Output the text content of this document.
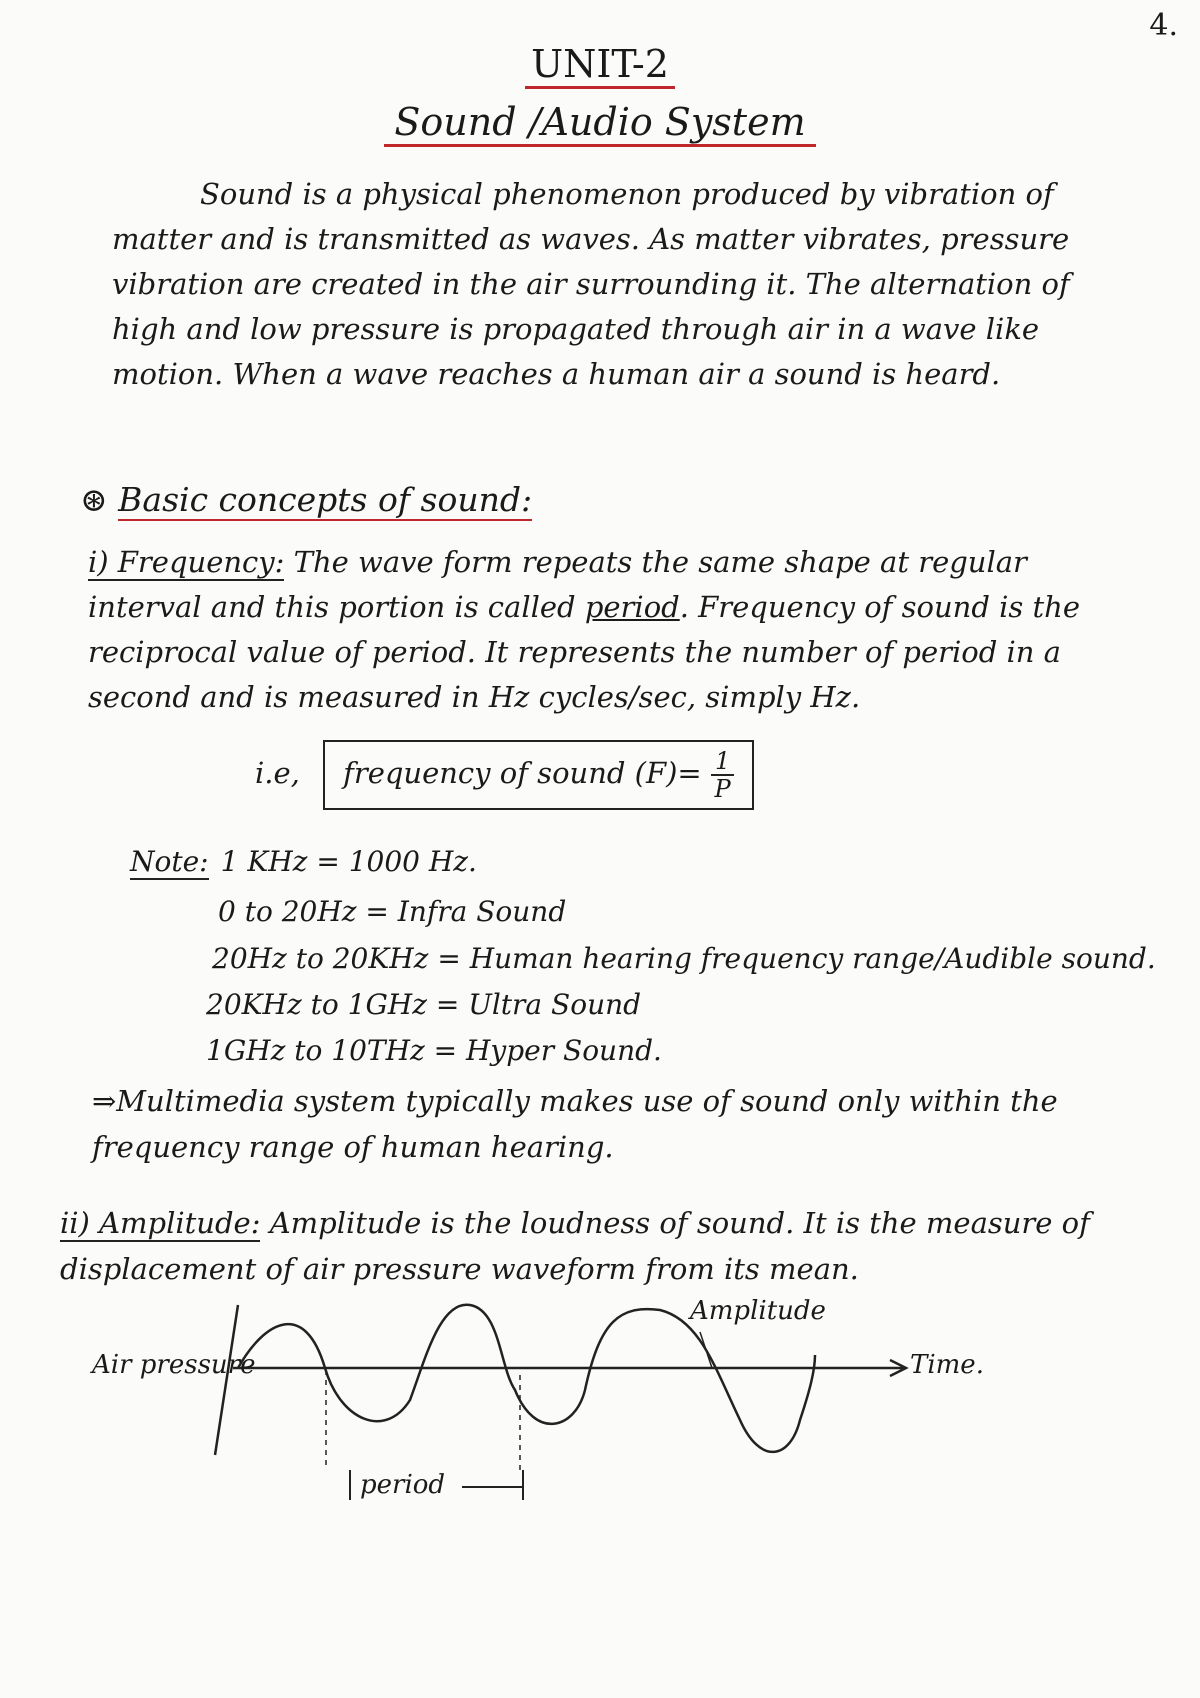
4.
UNIT-2
Sound /Audio System

Sound is a physical phenomenon produced by vibration of matter and is transmitted as waves. As matter vibrates, pressure vibration are created in the air surrounding it. The alternation of high and low pressure is propagated through air in a wave like motion. When a wave reaches a human air a sound is heard.

⊛ Basic concepts of sound:

i) Frequency: The wave form repeats the same shape at regular interval and this portion is called period. Frequency of sound is the reciprocal value of period. It represents the number of period in a second and is measured in Hz cycles/sec, simply Hz.

i.e, frequency of sound $(F)= \frac{1}{P}$
Note: 1 KHz = 1000 Hz.
0 to 20Hz = Infra Sound
20Hz to 20KHz = Human hearing frequency range/Audible sound.
20KHz to 1GHz = Ultra Sound
1GHz to 10THz = Hyper Sound.

⇒Multimedia system typically makes use of sound only within the frequency range of human hearing.

ii) Amplitude: Amplitude is the loudness of sound. It is the measure of displacement of air pressure waveform from its mean.

Air pressure	Time.
Amplitude
period
